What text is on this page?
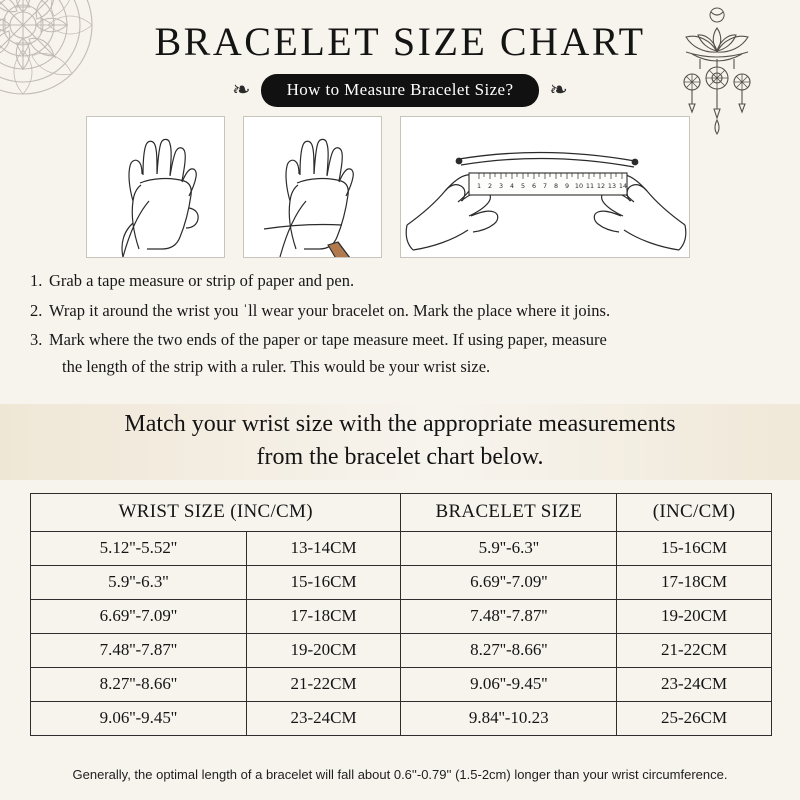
BRACELET SIZE CHART
❧	How to Measure Bracelet Size?	❧
1 2 3 4 5 6 7 8 9 10 11 12 13 14
1. Grab a tape measure or strip of paper and pen.
2. Wrap it around the wrist you ˈll wear your bracelet on. Mark the place where it joins.
3. Mark where the two ends of the paper or tape measure meet. If using paper, measure
the length of the strip with a ruler. This would be your wrist size.
Match your wrist size with the appropriate measurements
from the bracelet chart below.
WRIST SIZE (INC/CM)		BRACELET SIZE	(INC/CM)
5.12''-5.52''	13-14CM	5.9''-6.3''	15-16CM
5.9''-6.3''	15-16CM	6.69''-7.09''	17-18CM
6.69''-7.09''	17-18CM	7.48''-7.87''	19-20CM
7.48''-7.87''	19-20CM	8.27''-8.66''	21-22CM
8.27''-8.66''	21-22CM	9.06''-9.45''	23-24CM
9.06''-9.45''	23-24CM	9.84''-10.23	25-26CM
Generally, the optimal length of a bracelet will fall about 0.6''-0.79'' (1.5-2cm) longer than your wrist circumference.
